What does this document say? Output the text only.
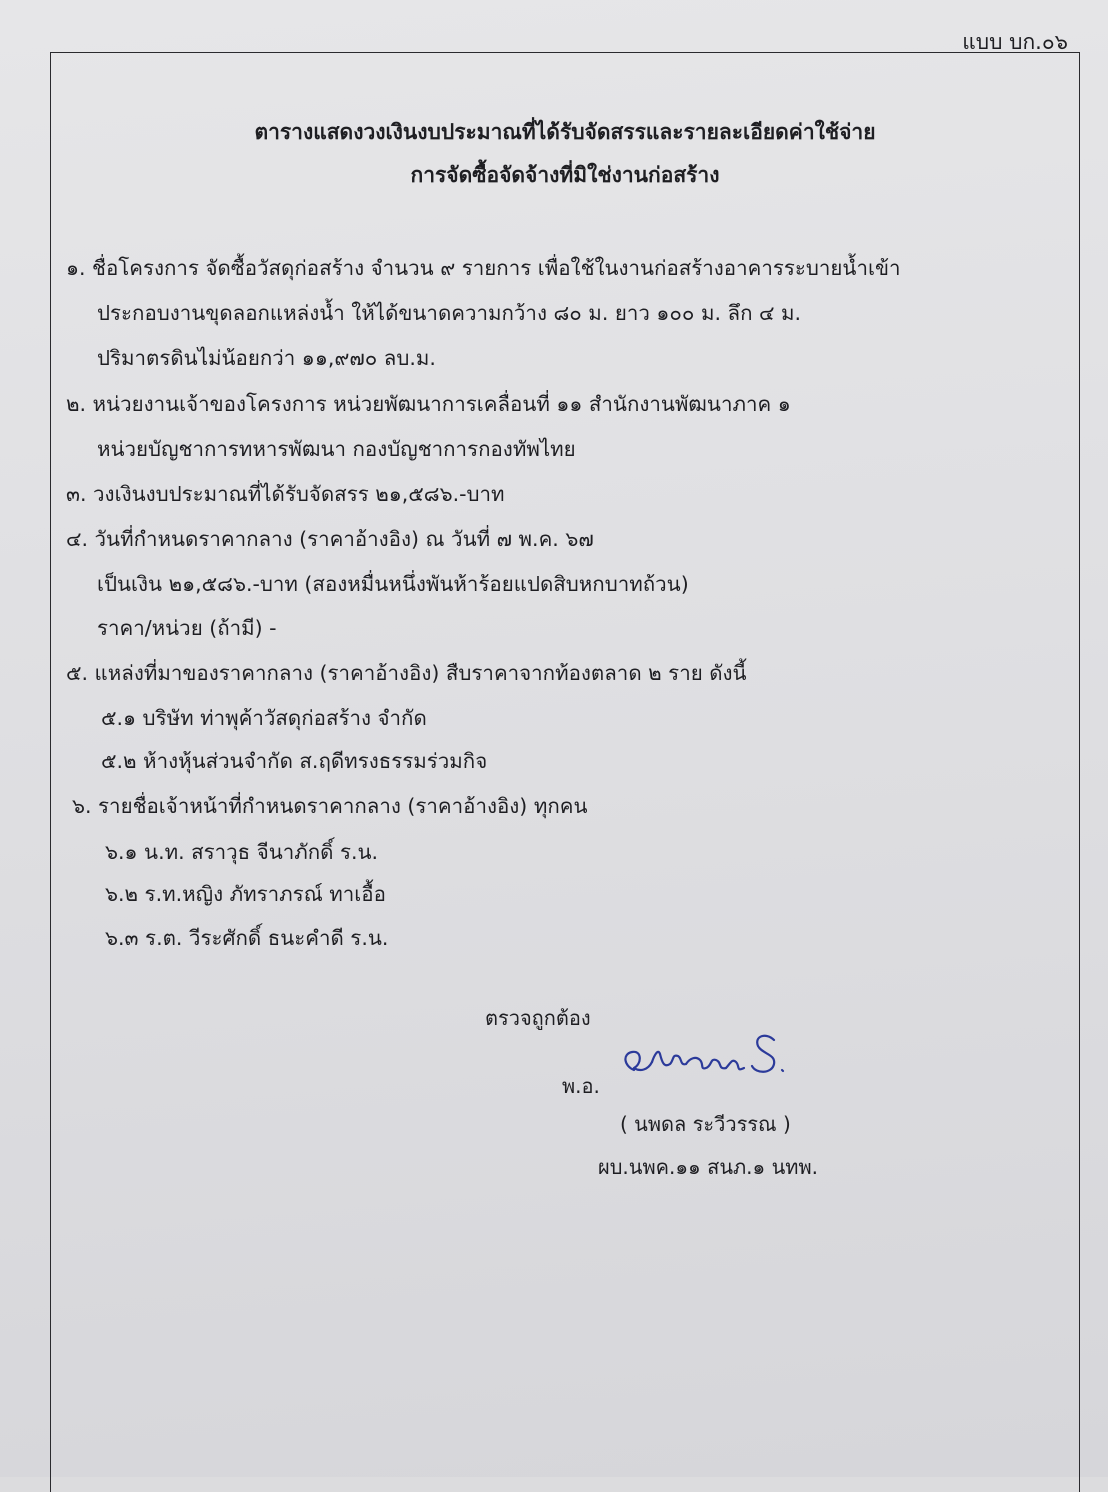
แบบ บก.๐๖
ตารางแสดงวงเงินงบประมาณที่ได้รับจัดสรรและรายละเอียดค่าใช้จ่าย
การจัดซื้อจัดจ้างที่มิใช่งานก่อสร้าง
๑. ชื่อโครงการ จัดซื้อวัสดุก่อสร้าง จำนวน ๙ รายการ เพื่อใช้ในงานก่อสร้างอาคารระบายน้ำเข้า
ประกอบงานขุดลอกแหล่งน้ำ ให้ได้ขนาดความกว้าง ๘๐ ม. ยาว ๑๐๐ ม. ลึก ๔ ม.
ปริมาตรดินไม่น้อยกว่า ๑๑,๙๗๐ ลบ.ม.
๒. หน่วยงานเจ้าของโครงการ หน่วยพัฒนาการเคลื่อนที่ ๑๑ สำนักงานพัฒนาภาค ๑
หน่วยบัญชาการทหารพัฒนา กองบัญชาการกองทัพไทย
๓. วงเงินงบประมาณที่ได้รับจัดสรร ๒๑,๕๘๖.-บาท
๔. วันที่กำหนดราคากลาง (ราคาอ้างอิง) ณ วันที่ ๗ พ.ค. ๖๗
เป็นเงิน ๒๑,๕๘๖.-บาท (สองหมื่นหนึ่งพันห้าร้อยแปดสิบหกบาทถ้วน)
ราคา/หน่วย (ถ้ามี) -
๕. แหล่งที่มาของราคากลาง (ราคาอ้างอิง) สืบราคาจากท้องตลาด ๒ ราย ดังนี้
๕.๑ บริษัท ท่าพุค้าวัสดุก่อสร้าง จำกัด
๕.๒ ห้างหุ้นส่วนจำกัด ส.ฤดีทรงธรรมร่วมกิจ
๖. รายชื่อเจ้าหน้าที่กำหนดราคากลาง (ราคาอ้างอิง) ทุกคน
๖.๑ น.ท. สราวุธ จีนาภักดิ์ ร.น.
๖.๒ ร.ท.หญิง ภัทราภรณ์ ทาเอื้อ
๖.๓ ร.ต. วีระศักดิ์ ธนะคำดี ร.น.
ตรวจถูกต้อง
พ.อ.
( นพดล ระวีวรรณ )
ผบ.นพค.๑๑ สนภ.๑ นทพ.
